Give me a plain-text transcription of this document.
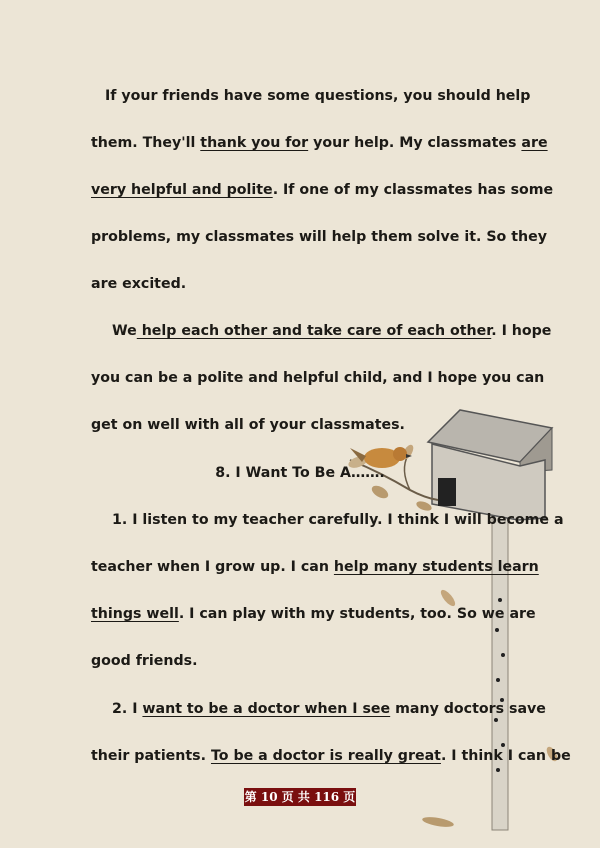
If your friends have some questions, you should help
them. They'll thank you for your help. My classmates are
very helpful and polite. If one of my classmates has some
problems, my classmates will help them solve it. So they
are excited.
We help each other and take care of each other. I hope
you can be a polite and helpful child, and I hope you can
get on well with all of your classmates.
1. I listen to my teacher carefully. I think I will become a
teacher when I grow up. I can help many students learn
things well. I can play with my students, too. So we are
good friends.
2. I want to be a doctor when I see many doctors save
their patients. To be a doctor is really great. I think I can be
8. I Want To Be A…….
第 10 页 共 116 页
